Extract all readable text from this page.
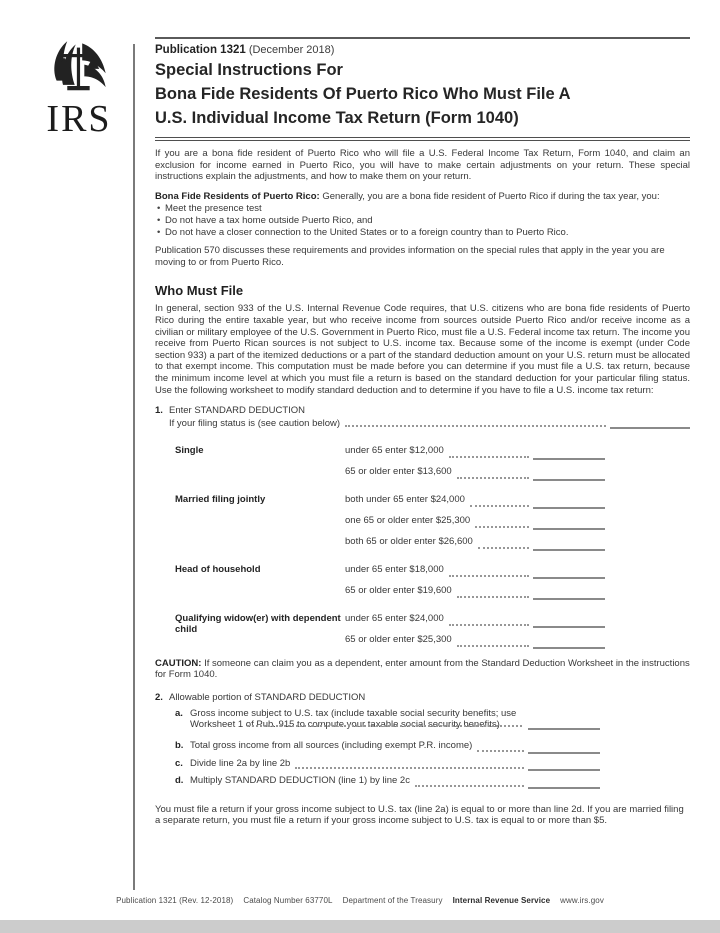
IRS
Publication 1321 (December 2018)
Special Instructions For
Bona Fide Residents Of Puerto Rico Who Must File A
U.S. Individual Income Tax Return (Form 1040)

If you are a bona fide resident of Puerto Rico who will file a U.S. Federal Income Tax Return, Form 1040, and claim an exclusion for income earned in Puerto Rico, you will have to make certain adjustments on your return. These special instructions explain the adjustments, and how to make them on your return.

Bona Fide Residents of Puerto Rico: Generally, you are a bona fide resident of Puerto Rico if during the tax year, you:

• Meet the presence test
• Do not have a tax home outside Puerto Rico, and
• Do not have a closer connection to the United States or to a foreign country than to Puerto Rico.

Publication 570 discusses these requirements and provides information on the special rules that apply in the year you are moving to or from Puerto Rico.

Who Must File

In general, section 933 of the U.S. Internal Revenue Code requires, that U.S. citizens who are bona fide residents of Puerto Rico during the entire taxable year, but who receive income from sources outside Puerto Rico and/or receive income as a civilian or military employee of the U.S. Government in Puerto Rico, must file a U.S. Federal income tax return. The income you receive from Puerto Rican sources is not subject to U.S. income tax. Because some of the income is exempt (under Code section 933) a part of the itemized deductions or a part of the standard deduction amount on your U.S. return must be allocated to that exempt income. This computation must be made before you can determine if you must file a U.S. tax return, because the minimum income level at which you must file a return is based on the standard deduction for your particular filing status. Use the following worksheet to modify standard deduction and to determine if you have to file a U.S. income tax return:

1. Enter STANDARD DEDUCTION
If your filing status is (see caution below)
Single	under 65 enter $12,000
65 or older enter $13,600
Married filing jointly	both under 65 enter $24,000
one 65 or older enter $25,300
both 65 or older enter $26,600
Head of household	under 65 enter $18,000
65 or older enter $19,600
Qualifying widow(er) with dependent child
under 65 enter $24,000
65 or older enter $25,300

CAUTION: If someone can claim you as a dependent, enter amount from the Standard Deduction Worksheet in the instructions for Form 1040.

2. Allowable portion of STANDARD DEDUCTION
a. Gross income subject to U.S. tax (include taxable social security benefits; use Worksheet 1 of Pub. 915 to compute your taxable social security benefits)
b. Total gross income from all sources (including exempt P.R. income)
c. Divide line 2a by line 2b
d. Multiply STANDARD DEDUCTION (line 1) by line 2c

You must file a return if your gross income subject to U.S. tax (line 2a) is equal to or more than line 2d. If you are married filing a separate return, you must file a return if your gross income subject to U.S. tax is equal to or more than $5.

Publication 1321 (Rev. 12-2018) Catalog Number 63770L Department of the Treasury Internal Revenue Service www.irs.gov
